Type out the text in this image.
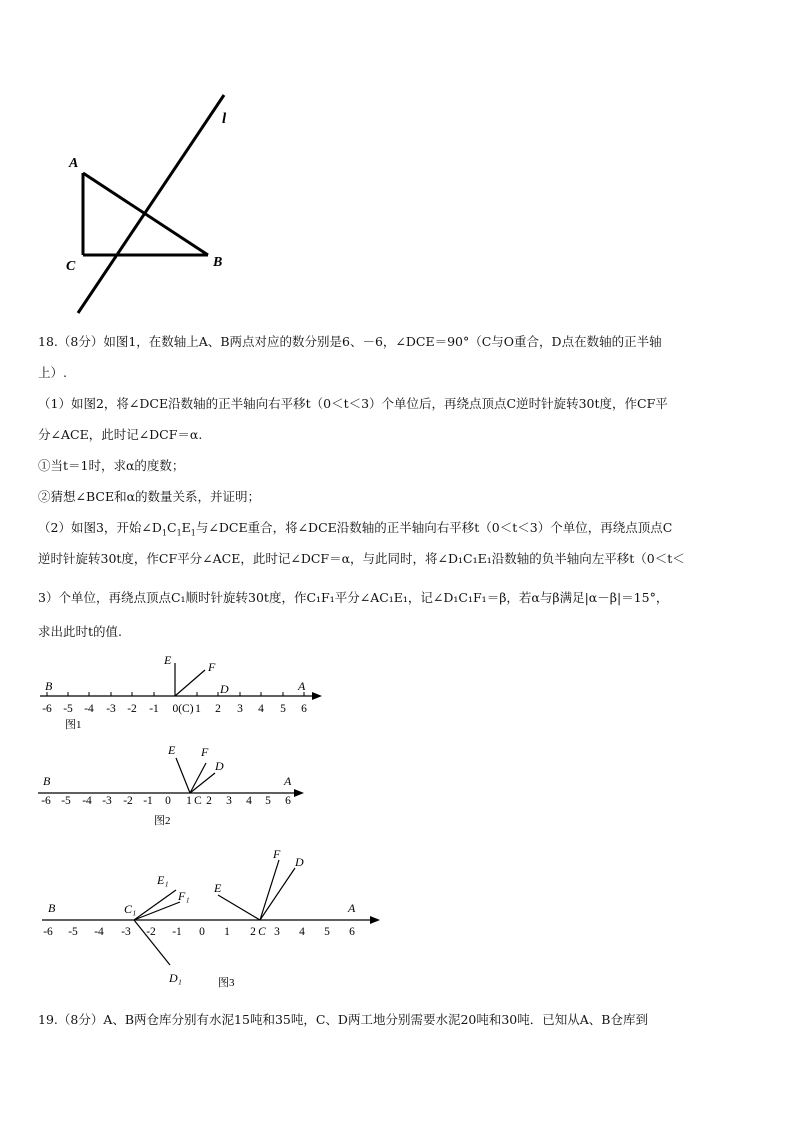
A
C	B
l
18.（8分）如图1，在数轴上A、B两点对应的数分别是6、－6，∠DCE＝90°（C与O重合，D点在数轴的正半轴
上）.
（1）如图2，将∠DCE沿数轴的正半轴向右平移t（0＜t＜3）个单位后，再绕点顶点C逆时针旋转30t度，作CF平
分∠ACE，此时记∠DCF＝α.
①当t＝1时，求α的度数；
②猜想∠BCE和α的数量关系，并证明；
（2）如图3，开始$\angle D_1C_1E_1$与∠DCE重合，将∠DCE沿数轴的正半轴向右平移t（0＜t＜3）个单位，再绕点顶点C
逆时针旋转30t度，作CF平分∠ACE，此时记∠DCF＝α，与此同时，将∠D₁C₁E₁沿数轴的负半轴向左平移t（0＜t＜
3）个单位，再绕点顶点C₁顺时针旋转30t度，作C₁F₁平分∠AC₁E₁，记∠D₁C₁F₁＝β，若α与β满足|α－β|＝15°，
求出此时t的值.
E	F
D
B	A
-6 -5 -4 -3 -2 -1 0(C) 1 2 3 4 5 6
图1
E F
D
B	A
-6 -5 -4 -3 -2 -1 0 1 C 2 3 4 5 6
图2
E₁
F₁
D₁
C₁
E
F
D
B	A
-6 -5 -4 -3 -2 -1 0 1 2 C 3 4 5 6
图3
19.（8分）A、B两仓库分别有水泥15吨和35吨，C、D两工地分别需要水泥20吨和30吨．已知从A、B仓库到
